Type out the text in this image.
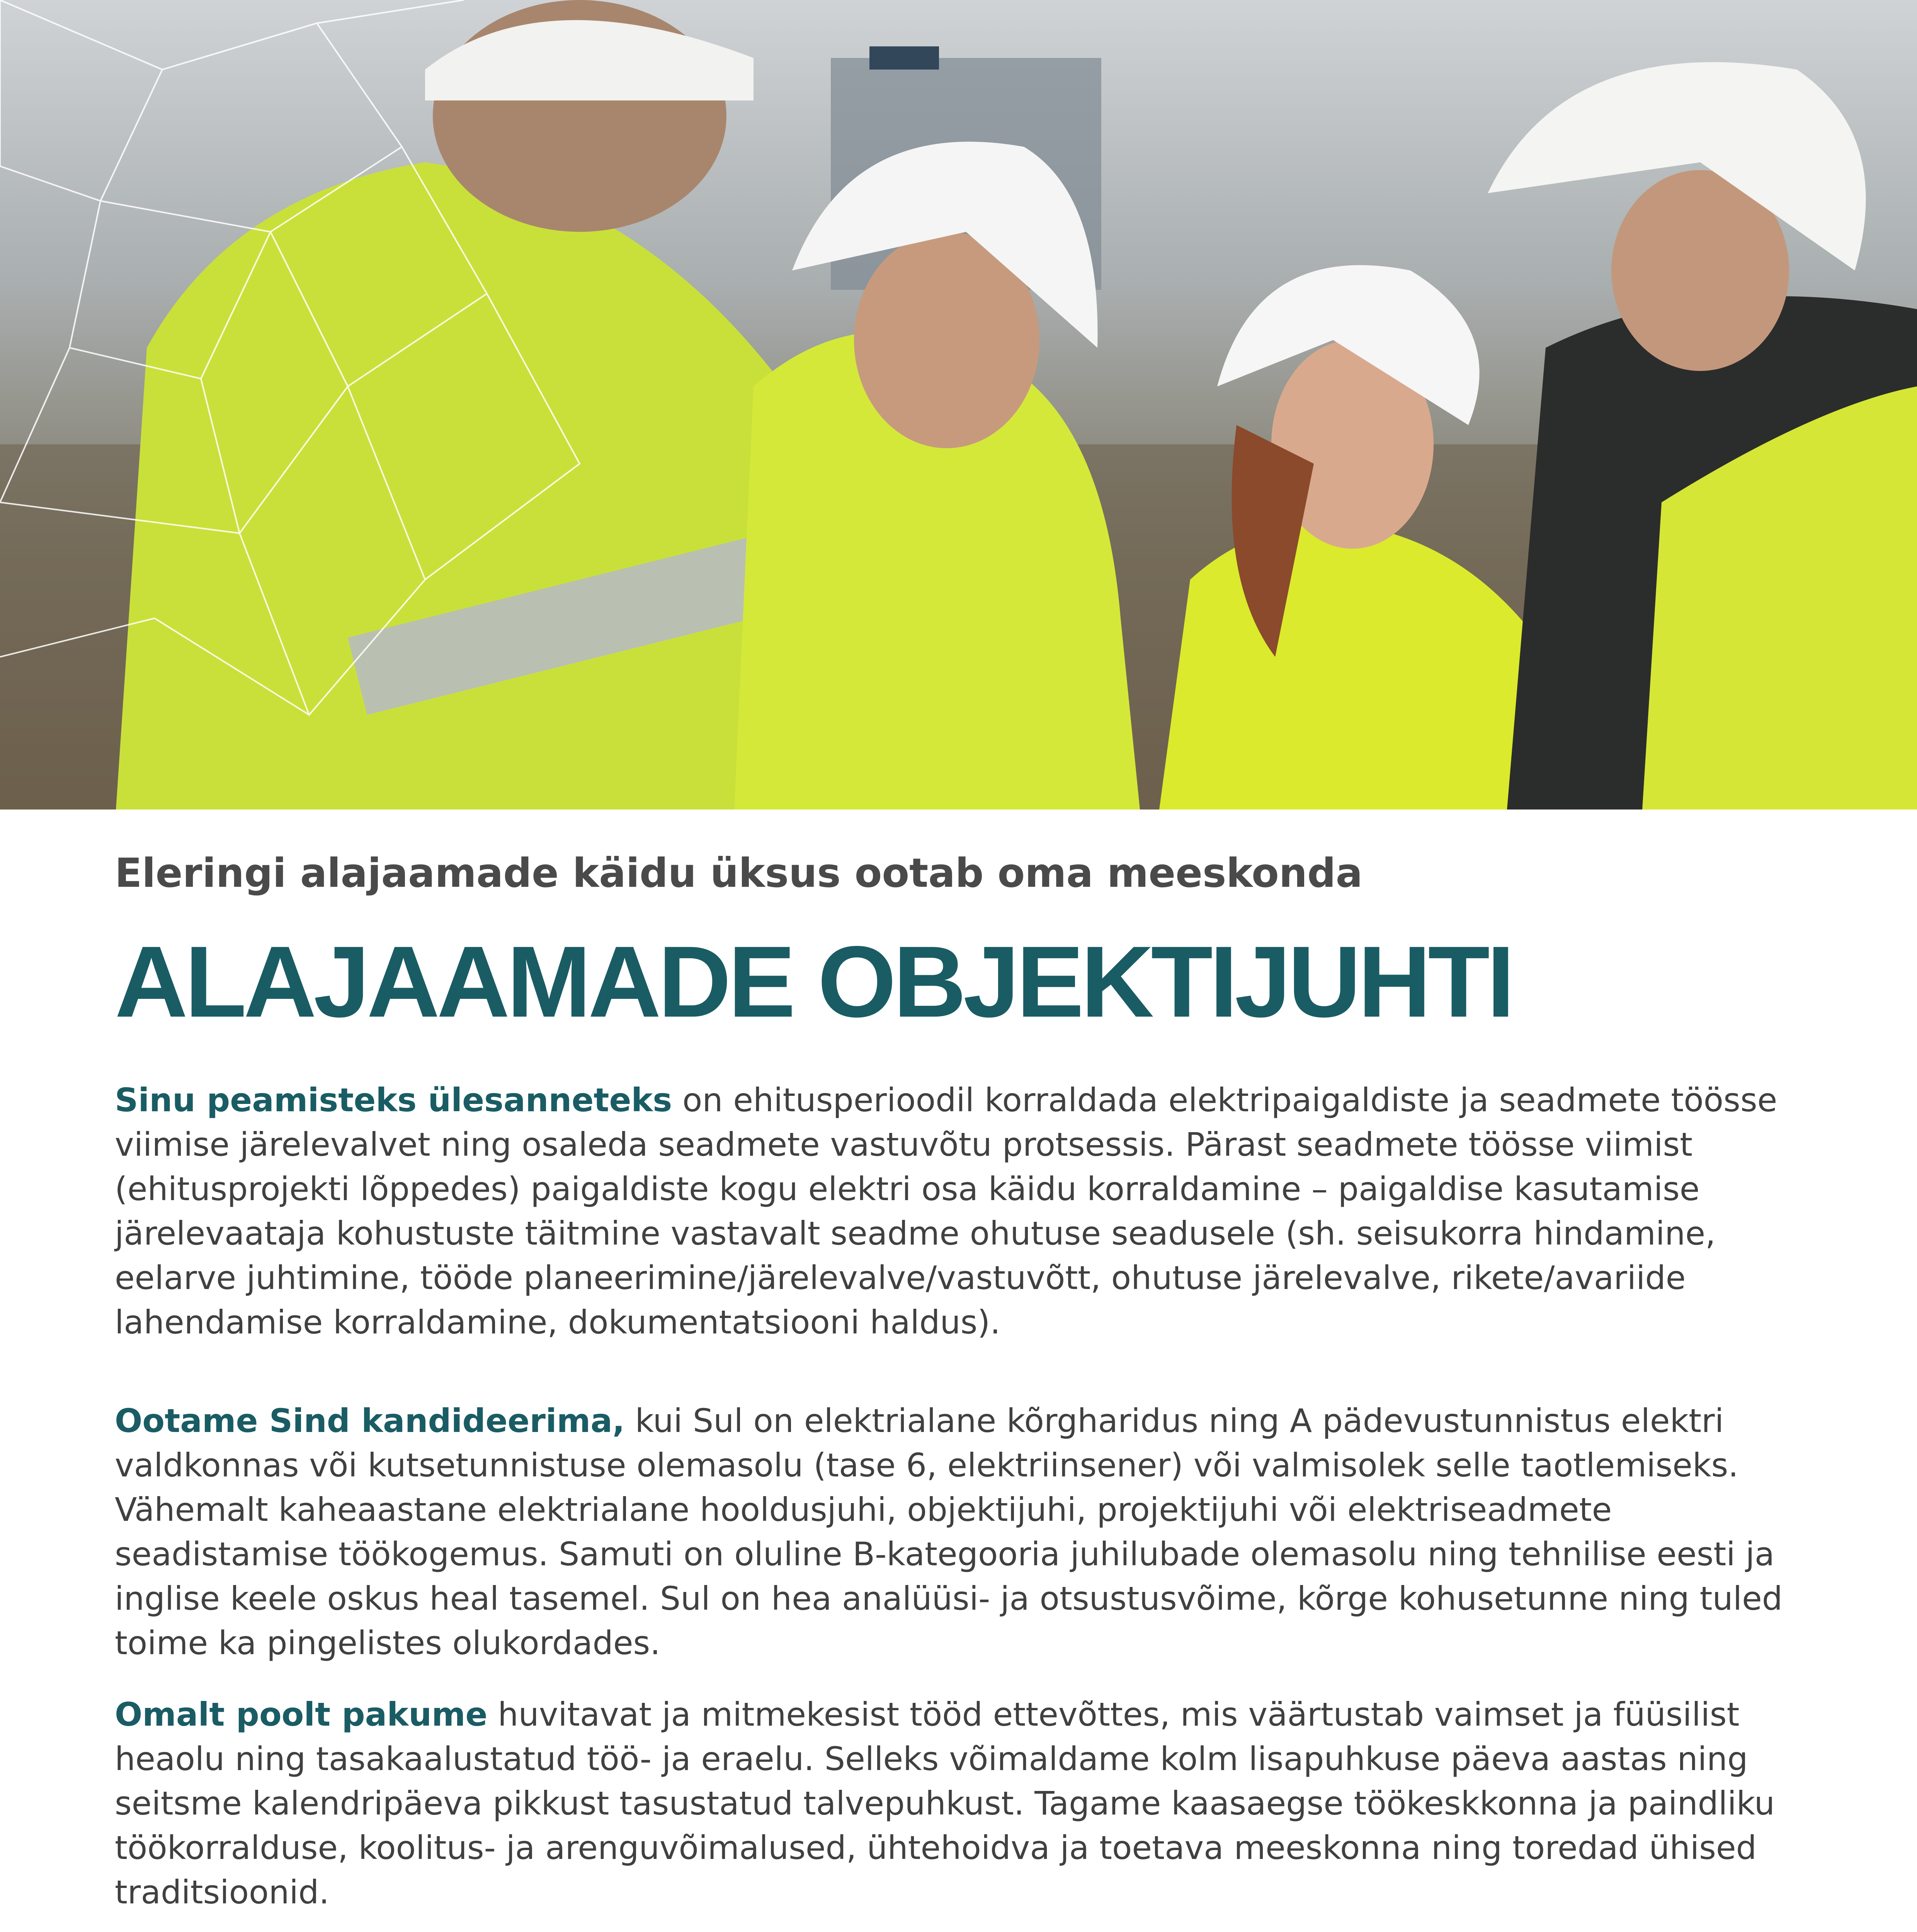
Eleringi alajaamade käidu üksus ootab oma meeskonda
ALAJAAMADE OBJEKTIJUHTI
Sinu peamisteks ülesanneteks on ehitusperioodil korraldada elektripaigaldiste ja seadmete töösse viimise järelevalvet ning osaleda seadmete vastuvõtu protsessis. Pärast seadmete töösse viimist (ehitusprojekti lõppedes) paigaldiste kogu elektri osa käidu korraldamine – paigaldise kasutamise järelevaataja kohustuste täitmine vastavalt seadme ohutuse seadusele (sh. seisukorra hindamine, eelarve juhtimine, tööde planeerimine/järelevalve/vastuvõtt, ohutuse järelevalve, rikete/avariide lahendamise korraldamine, dokumentatsiooni haldus).
Ootame Sind kandideerima, kui Sul on elektrialane kõrgharidus ning A pädevustunnistus elektri valdkonnas või kutsetunnistuse olemasolu (tase 6, elektriinsener) või valmisolek selle taotlemiseks. Vähemalt kaheaastane elektrialane hooldusjuhi, objektijuhi, projektijuhi või elektriseadmete seadistamise töökogemus. Samuti on oluline B-kategooria juhilubade olemasolu ning tehnilise eesti ja inglise keele oskus heal tasemel. Sul on hea analüüsi- ja otsustusvõime, kõrge kohusetunne ning tuled toime ka pingelistes olukordades.
Omalt poolt pakume huvitavat ja mitmekesist tööd ettevõttes, mis väärtustab vaimset ja füüsilist heaolu ning tasakaalustatud töö- ja eraelu. Selleks võimaldame kolm lisapuhkuse päeva aastas ning seitsme kalendripäeva pikkust tasustatud talvepuhkust. Tagame kaasaegse töökeskkonna ja paindliku töökorralduse, koolitus- ja arenguvõimalused, ühtehoidva ja toetava meeskonna ning toredad ühised traditsioonid.
